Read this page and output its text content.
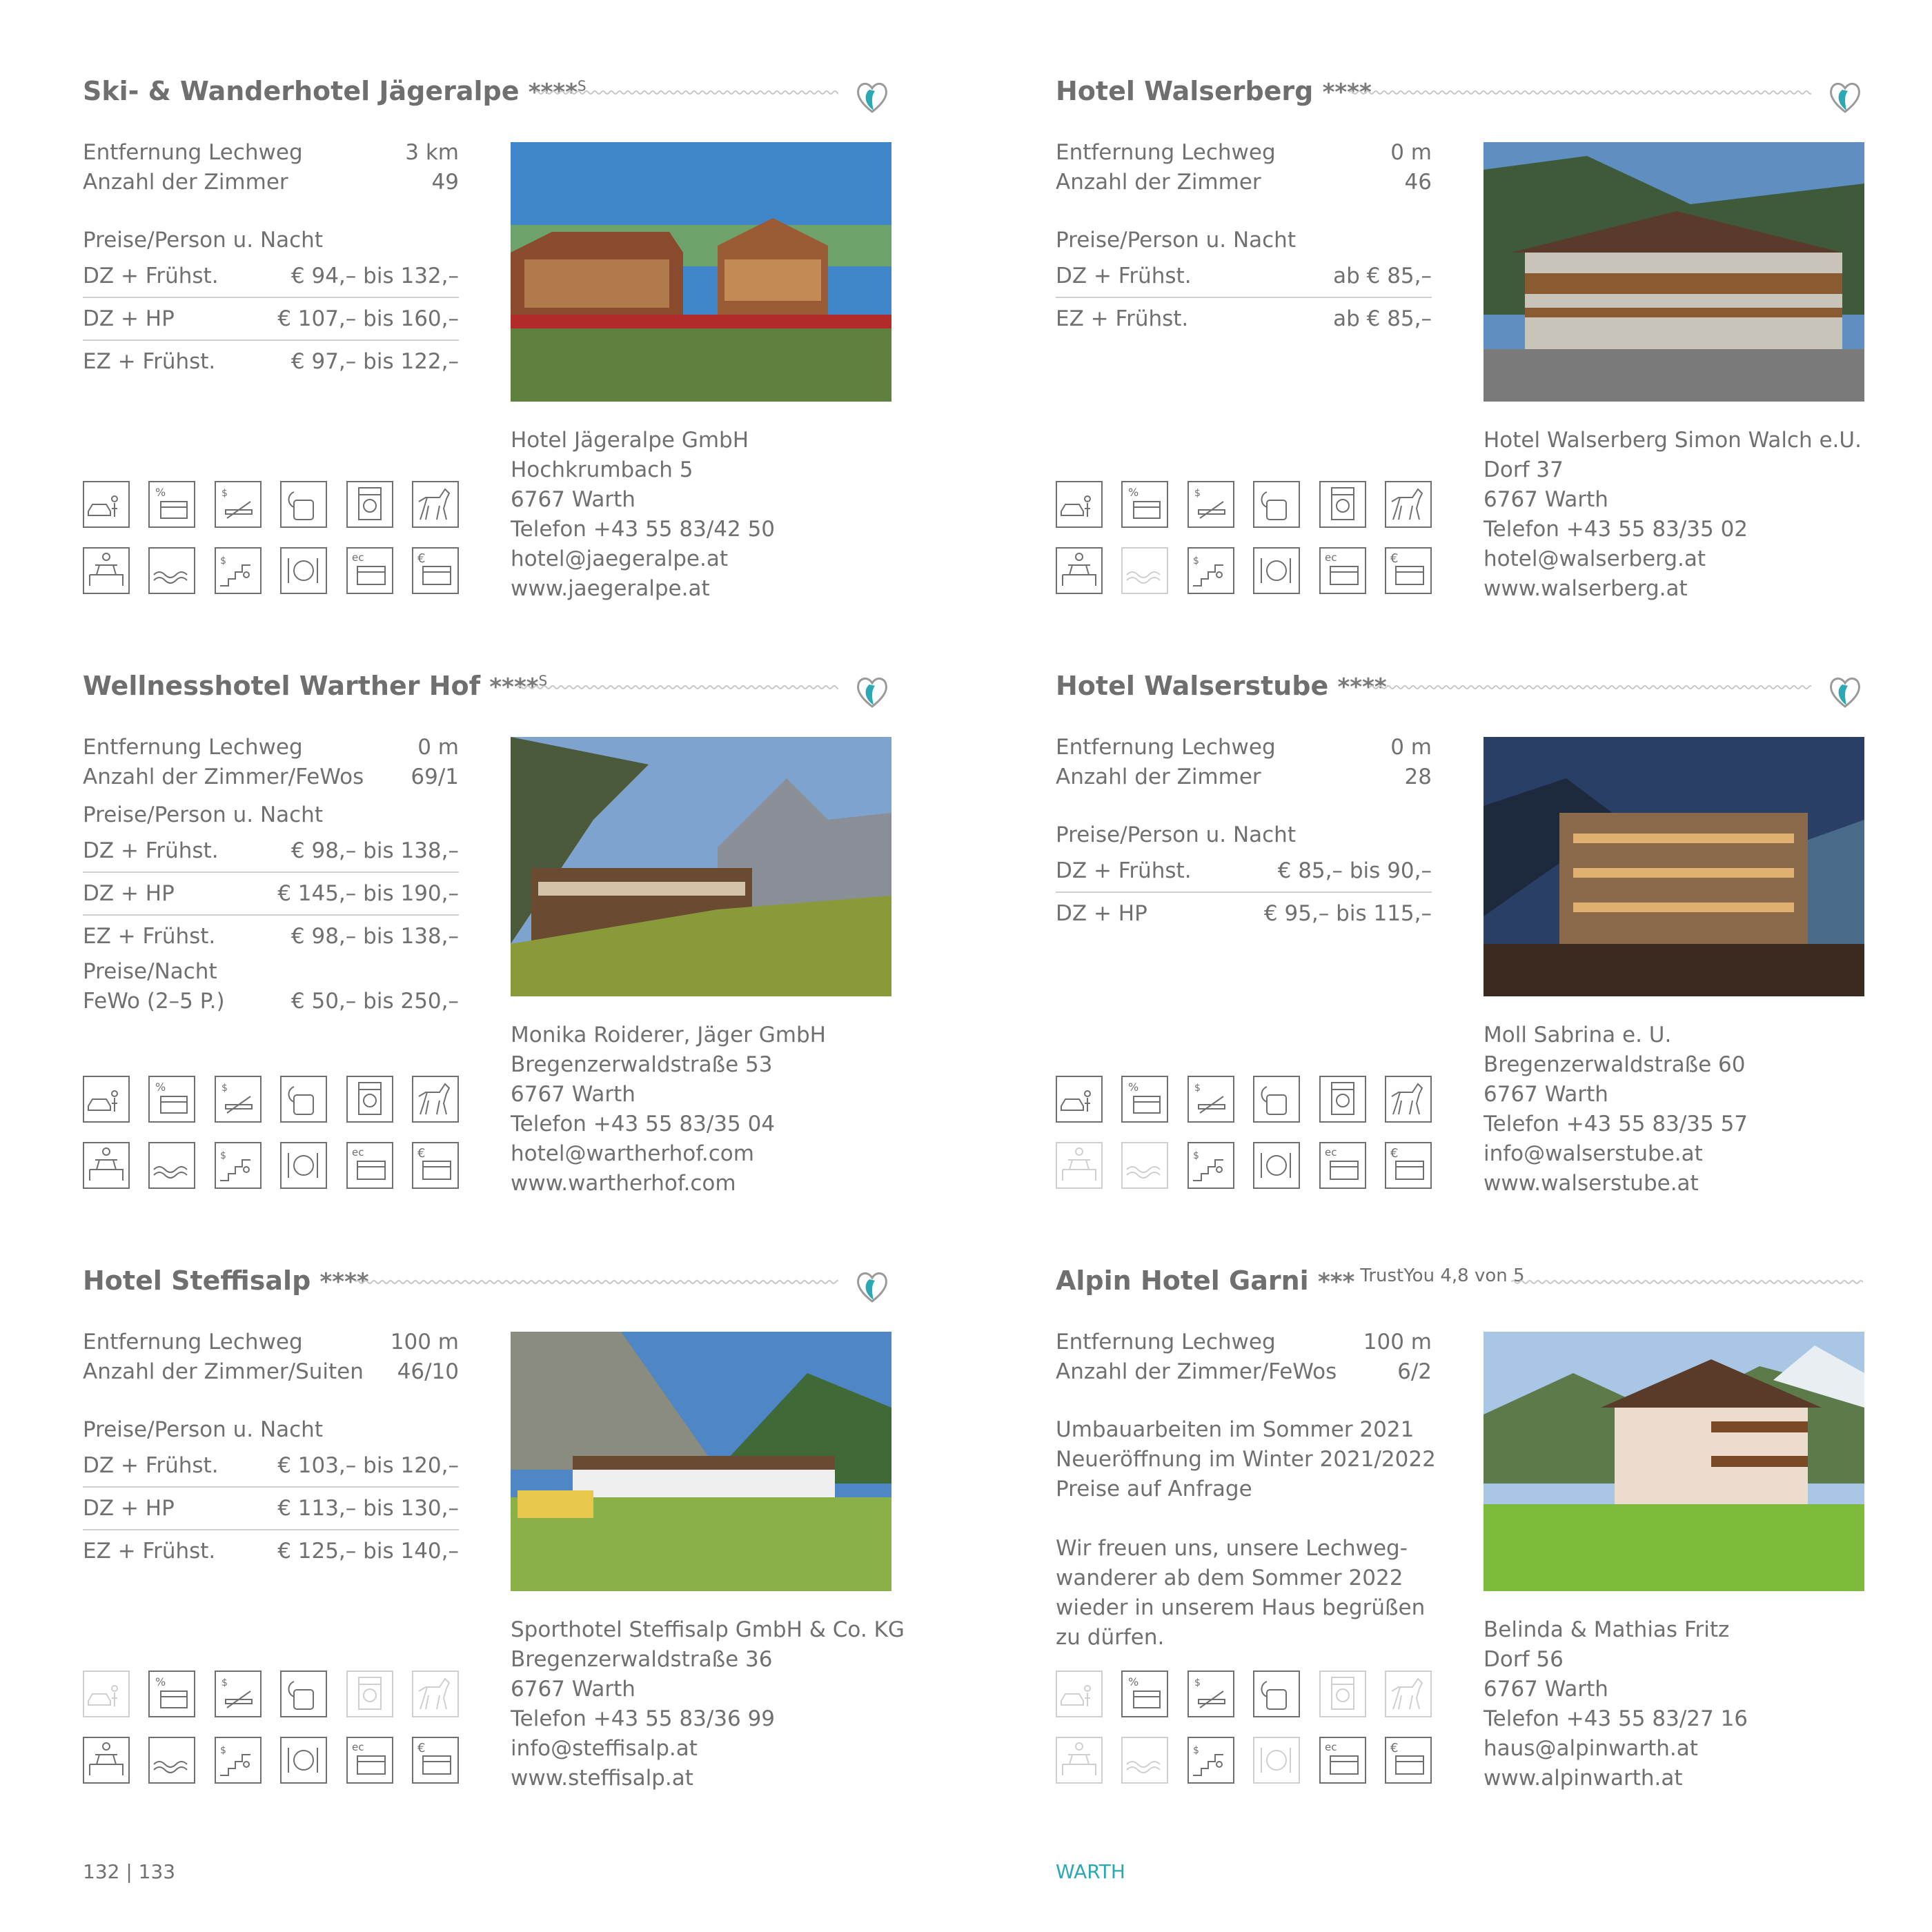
Ski- & Wanderhotel Jägeralpe ****$^S$
Entfernung Lechweg	3 km
Anzahl der Zimmer	49
Preise/Person u. Nacht
DZ + Frühst.	€ 94,– bis 132,–
DZ + HP	€ 107,– bis 160,–
EZ + Frühst.	€ 97,– bis 122,–
Hotel Jägeralpe GmbH
Hochkrumbach 5
6767 Warth
Telefon +43 55 83/42 50
hotel@jaegeralpe.at
www.jaegeralpe.at
%	$
$	ec	€
Hotel Walserberg ****
Entfernung Lechweg	0 m
Anzahl der Zimmer	46
Preise/Person u. Nacht
DZ + Frühst.	ab € 85,–
EZ + Frühst.	ab € 85,–
Hotel Walserberg Simon Walch e.U.
Dorf 37
6767 Warth
Telefon +43 55 83/35 02
hotel@walserberg.at
www.walserberg.at
%	$
$	ec	€
Wellnesshotel Warther Hof ****$^S$
Entfernung Lechweg	0 m
Anzahl der Zimmer/FeWos 69/1
Preise/Person u. Nacht
DZ + Frühst.	€ 98,– bis 138,–
DZ + HP	€ 145,– bis 190,–
EZ + Frühst.	€ 98,– bis 138,–
Preise/Nacht
FeWo (2–5 P.)	€ 50,– bis 250,–
Monika Roiderer, Jäger GmbH
Bregenzerwaldstraße 53
6767 Warth
Telefon +43 55 83/35 04
hotel@wartherhof.com
www.wartherhof.com
%	$
$	ec	€
Hotel Walserstube ****
Entfernung Lechweg	0 m
Anzahl der Zimmer	28
Preise/Person u. Nacht
DZ + Frühst.	€ 85,– bis 90,–
DZ + HP	€ 95,– bis 115,–
Moll Sabrina e. U.
Bregenzerwaldstraße 60
6767 Warth
Telefon +43 55 83/35 57
info@walserstube.at
www.walserstube.at
%	$
$	ec	€
Hotel Steffisalp ****
Entfernung Lechweg	100 m
Anzahl der Zimmer/Suiten 46/10
Preise/Person u. Nacht
DZ + Frühst.	€ 103,– bis 120,–
DZ + HP	€ 113,– bis 130,–
EZ + Frühst.	€ 125,– bis 140,–
Sporthotel Steffisalp GmbH & Co. KG
Bregenzerwaldstraße 36
6767 Warth
Telefon +43 55 83/36 99
info@steffisalp.at
www.steffisalp.at
%	$
$	ec	€
Alpin Hotel Garni *** $^{TrustYou 4,8 von 5}$
Entfernung Lechweg	100 m
Anzahl der Zimmer/FeWos	6/2
Umbauarbeiten im Sommer 2021
Neueröffnung im Winter 2021/2022
Preise auf Anfrage
Wir freuen uns, unsere Lechweg-
wanderer ab dem Sommer 2022
wieder in unserem Haus begrüßen
zu dürfen.	Belinda & Mathias Fritz
Dorf 56
6767 Warth
Telefon +43 55 83/27 16
haus@alpinwarth.at
www.alpinwarth.at
%	$
$	ec	€
132 | 133	WARTH
